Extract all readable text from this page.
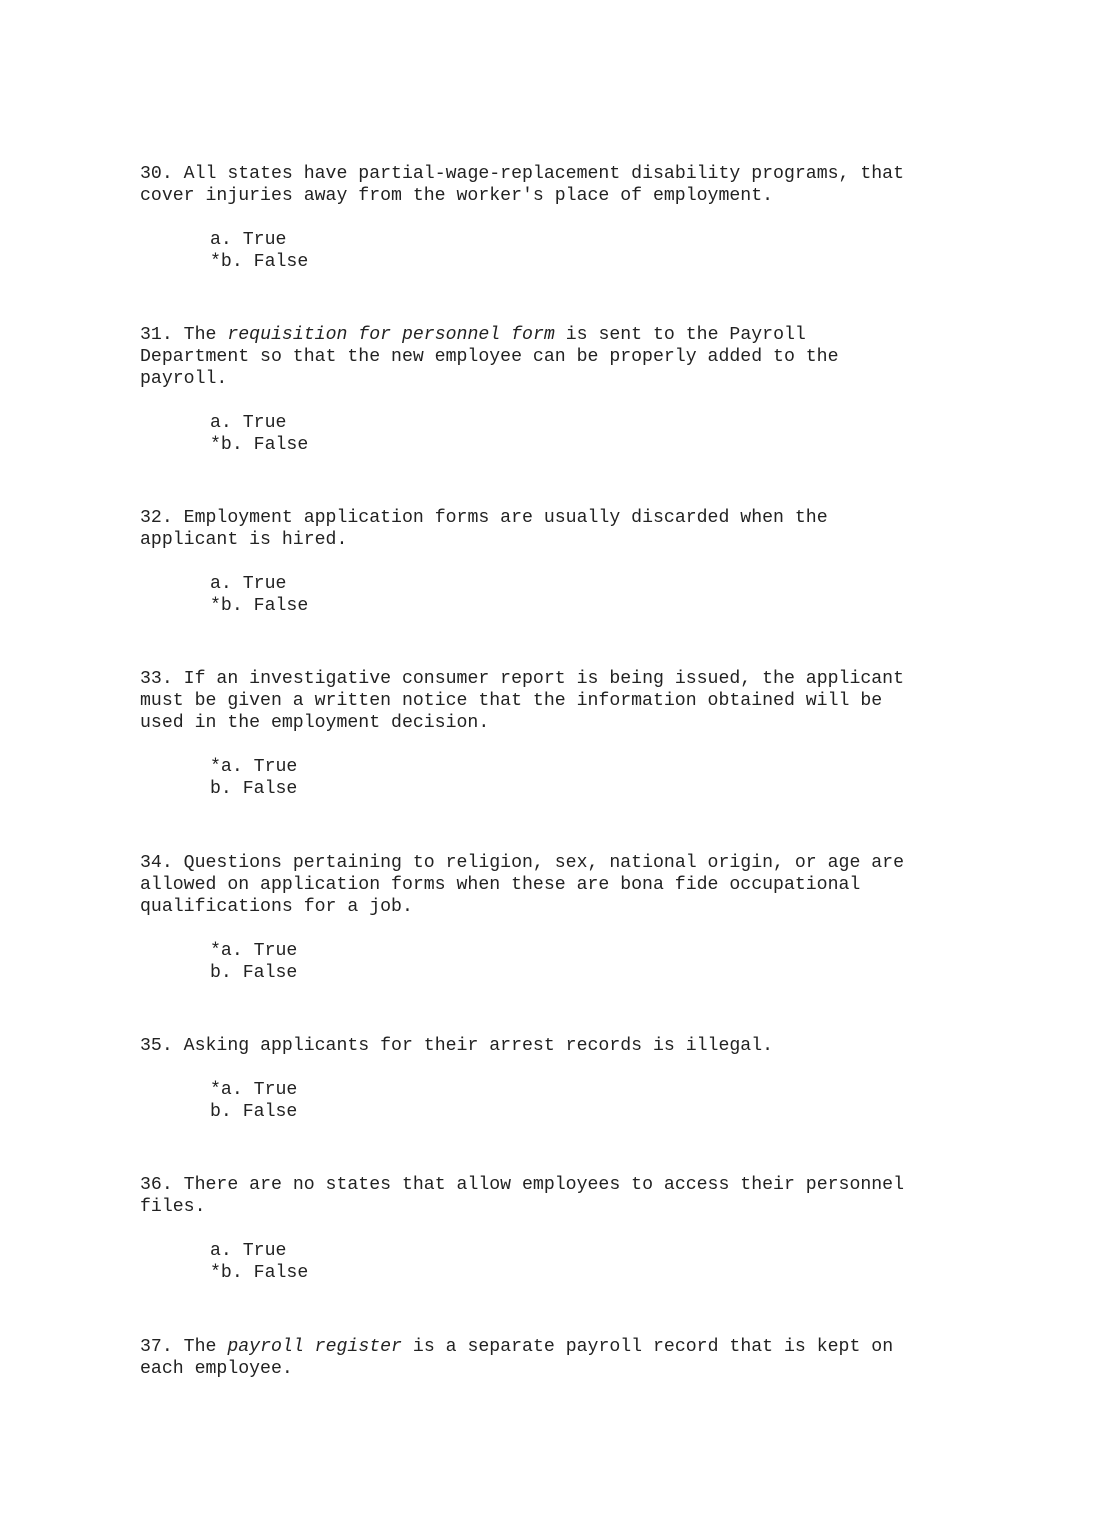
30. All states have partial-wage-replacement disability programs, that
cover injuries away from the worker's place of employment.
a. True
*b. False
31. The requisition for personnel form is sent to the Payroll
Department so that the new employee can be properly added to the
payroll.
a. True
*b. False
32. Employment application forms are usually discarded when the
applicant is hired.
a. True
*b. False
33. If an investigative consumer report is being issued, the applicant
must be given a written notice that the information obtained will be
used in the employment decision.
*a. True
b. False
34. Questions pertaining to religion, sex, national origin, or age are
allowed on application forms when these are bona fide occupational
qualifications for a job.
*a. True
b. False
35. Asking applicants for their arrest records is illegal.
*a. True
b. False
36. There are no states that allow employees to access their personnel
files.
a. True
*b. False
37. The payroll register is a separate payroll record that is kept on
each employee.
